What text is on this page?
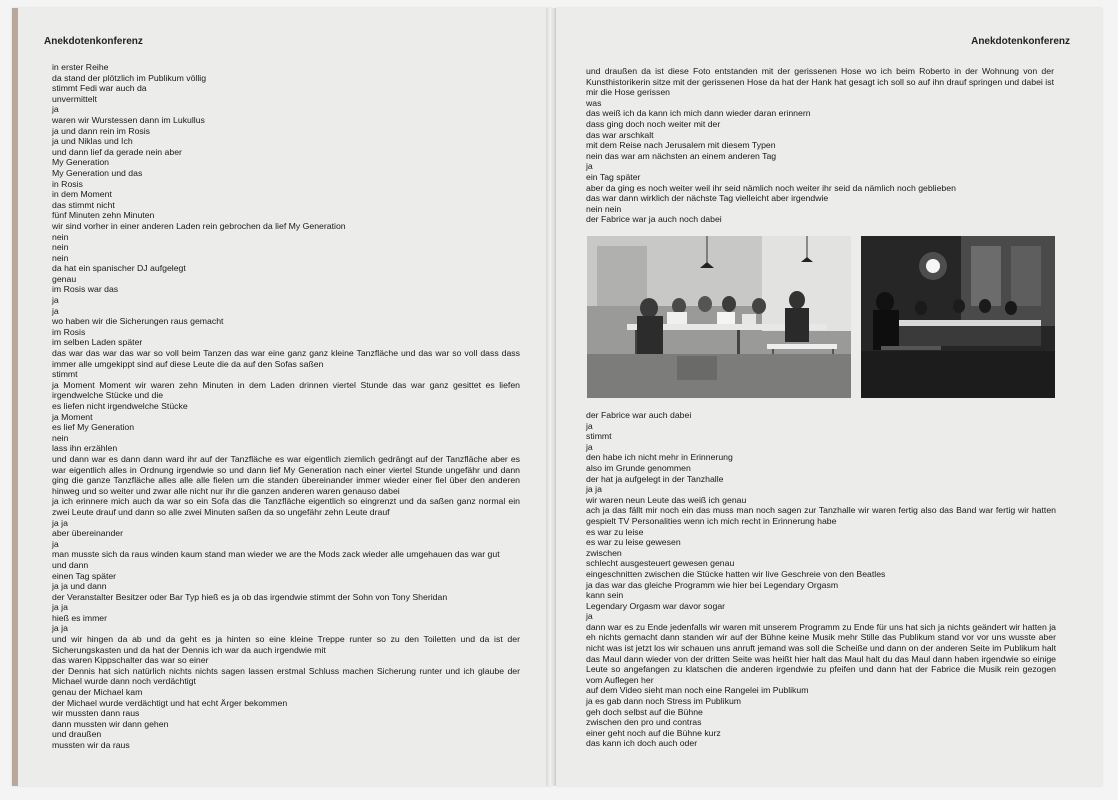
Anekdotenkonferenz
in erster Reihe
da stand der plötzlich im Publikum völlig
stimmt Fedi war auch da
unvermittelt
ja
waren wir Wurstessen dann im Lukullus
ja und dann rein im Rosis
ja und Niklas und Ich
und dann lief da gerade nein aber
My Generation
My Generation und das
in Rosis
in dem Moment
das stimmt nicht
fünf Minuten zehn Minuten
wir sind vorher in einer anderen Laden rein gebrochen da lief My Generation
nein
nein
nein
da hat ein spanischer DJ aufgelegt
genau
im Rosis war das
ja
ja
wo haben wir die Sicherungen raus gemacht
im Rosis
im selben Laden später
das war das war das war so voll beim Tanzen das war eine ganz ganz kleine Tanzfläche und das war so voll dass dass immer alle umgekippt sind auf diese Leute die da auf den Sofas saßen
stimmt
ja Moment Moment wir waren zehn Minuten in dem Laden drinnen viertel Stunde das war ganz gesittet es liefen irgendwelche Stücke und die
es liefen nicht irgendwelche Stücke
ja Moment
es lief My Generation
nein
lass ihn erzählen
und dann war es dann dann ward ihr auf der Tanzfläche es war eigentlich ziemlich gedrängt auf der Tanzfläche aber es war eigentlich alles in Ordnung irgendwie so und dann lief My Generation nach einer viertel Stunde ungefähr und dann ging die ganze Tanzfläche alles alle alle fielen um die standen übereinander immer wieder einer fiel über den anderen hinweg und so weiter und zwar alle nicht nur ihr die ganzen anderen waren genauso dabei
ja ich erinnere mich auch da war so ein Sofa das die Tanzfläche eigentlich so eingrenzt und da saßen ganz normal ein zwei Leute drauf und dann so alle zwei Minuten saßen da so ungefähr zehn Leute drauf
ja ja
aber übereinander
ja
man musste sich da raus winden kaum stand man wieder we are the Mods zack wieder alle umgehauen das war gut
und dann
einen Tag später
ja ja und dann
der Veranstalter Besitzer oder Bar Typ hieß es ja ob das irgendwie stimmt der Sohn von Tony Sheridan
ja ja
hieß es immer
ja ja
und wir hingen da ab und da geht es ja hinten so eine kleine Treppe runter so zu den Toiletten und da ist der Sicherungskasten und da hat der Dennis ich war da auch irgendwie mit
das waren Kippschalter das war so einer
der Dennis hat sich natürlich nichts nichts sagen lassen erstmal Schluss machen Sicherung runter und ich glaube der Michael wurde dann noch verdächtigt
genau der Michael kam
der Michael wurde verdächtigt und hat echt Ärger bekommen
wir mussten dann raus
dann mussten wir dann gehen
und draußen
mussten wir da raus
Anekdotenkonferenz
und draußen da ist diese Foto entstanden mit der gerissenen Hose wo ich beim Roberto in der Wohnung von der Kunsthistorikerin sitze mit der gerissenen Hose da hat der Hank hat gesagt ich soll so auf ihn drauf springen und dabei ist mir die Hose gerissen
was
das weiß ich da kann ich mich dann wieder daran erinnern
dass ging doch noch weiter mit der
das war arschkalt
mit dem Reise nach Jerusalem mit diesem Typen
nein das war am nächsten an einem anderen Tag
ja
ein Tag später
aber da ging es noch weiter weil ihr seid nämlich noch weiter ihr seid da nämlich noch geblieben
das war dann wirklich der nächste Tag vielleicht aber irgendwie
nein nein
der Fabrice war ja auch noch dabei
der Fabrice war auch dabei
ja
stimmt
ja
den habe ich nicht mehr in Erinnerung
also im Grunde genommen
der hat ja aufgelegt in der Tanzhalle
ja ja
wir waren neun Leute das weiß ich genau
ach ja das fällt mir noch ein das muss man noch sagen zur Tanzhalle wir waren fertig also das Band war fertig wir hatten gespielt TV Personalities wenn ich mich recht in Erinnerung habe
es war zu leise
es war zu leise gewesen
zwischen
schlecht ausgesteuert gewesen genau
eingeschnitten zwischen die Stücke hatten wir live Geschreie von den Beatles
ja das war das gleiche Programm wie hier bei Legendary Orgasm
kann sein
Legendary Orgasm war davor sogar
ja
dann war es zu Ende jedenfalls wir waren mit unserem Programm zu Ende für uns hat sich ja nichts geändert wir hatten ja eh nichts gemacht dann standen wir auf der Bühne keine Musik mehr Stille das Publikum stand vor vor uns wusste aber nicht was ist jetzt los wir schauen uns anruft jemand was soll die Scheiße und dann on der anderen Seite im Publikum halt das Maul dann wieder von der dritten Seite was heißt hier halt das Maul halt du das Maul dann haben irgendwie so einige Leute so angefangen zu klatschen die anderen irgendwie zu pfeifen und dann hat der Fabrice die Musik rein gezogen vom Auflegen her
auf dem Video sieht man noch eine Rangelei im Publikum
ja es gab dann noch Stress im Publikum
geh doch selbst auf die Bühne
zwischen den pro und contras
einer geht noch auf die Bühne kurz
das kann ich doch auch oder
